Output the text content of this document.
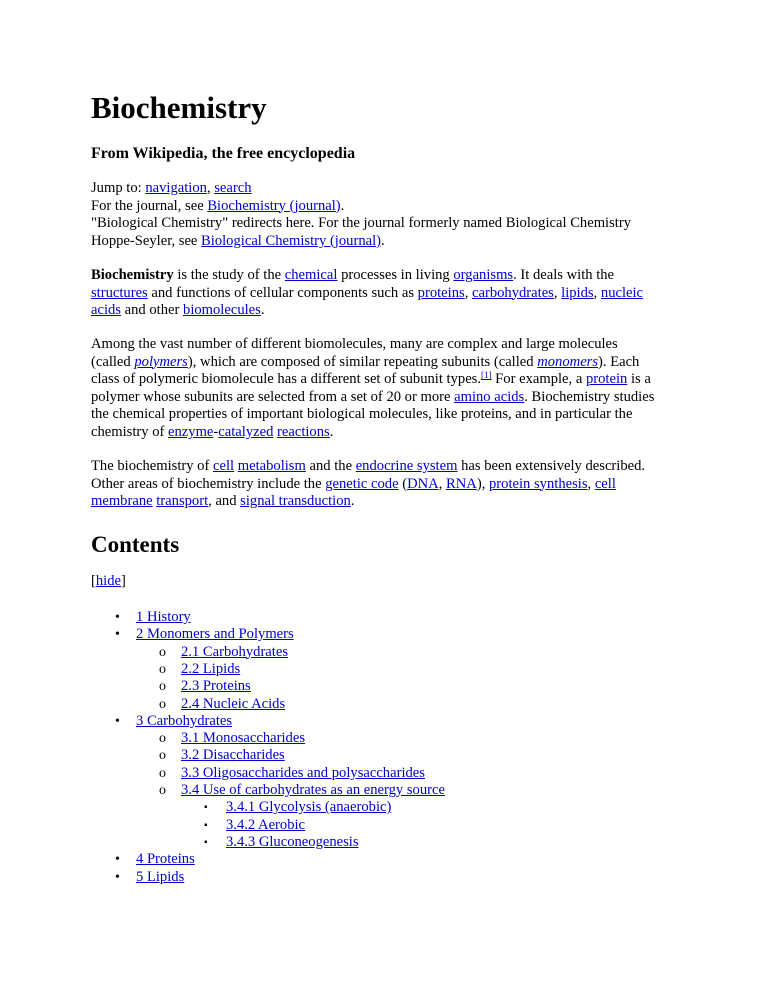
Biochemistry
From Wikipedia, the free encyclopedia
Jump to: navigation, search
For the journal, see Biochemistry (journal).
"Biological Chemistry" redirects here. For the journal formerly named Biological Chemistry
Hoppe-Seyler, see Biological Chemistry (journal).
Biochemistry is the study of the chemical processes in living organisms. It deals with the
structures and functions of cellular components such as proteins, carbohydrates, lipids, nucleic
acids and other biomolecules.
Among the vast number of different biomolecules, many are complex and large molecules
(called polymers), which are composed of similar repeating subunits (called monomers). Each
class of polymeric biomolecule has a different set of subunit types.[1] For example, a protein is a
polymer whose subunits are selected from a set of 20 or more amino acids. Biochemistry studies
the chemical properties of important biological molecules, like proteins, and in particular the
chemistry of enzyme-catalyzed reactions.
The biochemistry of cell metabolism and the endocrine system has been extensively described.
Other areas of biochemistry include the genetic code (DNA, RNA), protein synthesis, cell
membrane transport, and signal transduction.
Contents
[hide]
• 1 History
• 2 Monomers and Polymers
o 2.1 Carbohydrates
o 2.2 Lipids
o 2.3 Proteins
o 2.4 Nucleic Acids
• 3 Carbohydrates
o 3.1 Monosaccharides
o 3.2 Disaccharides
o 3.3 Oligosaccharides and polysaccharides
o 3.4 Use of carbohydrates as an energy source
▪ 3.4.1 Glycolysis (anaerobic)
▪ 3.4.2 Aerobic
▪ 3.4.3 Gluconeogenesis
• 4 Proteins
• 5 Lipids
